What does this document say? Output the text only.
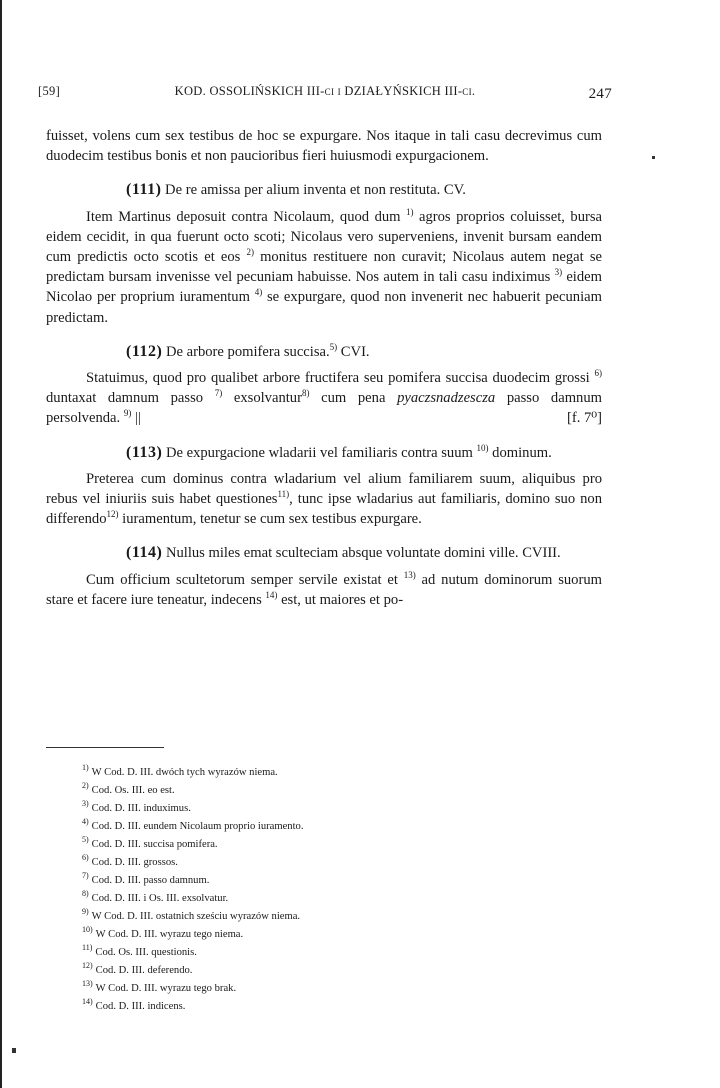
[59]	KOD. OSSOLIŃSKICH III-ci i DZIAŁYŃSKICH III-ci.	247

fuisset, volens cum sex testibus de hoc se expurgare. Nos itaque in tali casu decrevimus cum duodecim testibus bonis et non paucioribus fieri huiusmodi expurgacionem.

(111) De re amissa per alium inventa et non restituta. CV.

Item Martinus deposuit contra Nicolaum, quod dum $^{1)}$ agros proprios coluisset, bursa eidem cecidit, in qua fuerunt octo scoti; Nicolaus vero superveniens, invenit bursam eandem cum predictis octo scotis et eos $^{2)}$ monitus restituere non curavit; Nicolaus autem negat se predictam bursam invenisse vel pecuniam habuisse. Nos autem in tali casu indiximus $^{3)}$ eidem Nicolao per proprium iuramentum $^{4)}$ se expurgare, quod non invenerit nec habuerit pecuniam predictam.

(112) De arbore pomifera succisa.$^{5)}$ CVI.

Statuimus, quod pro qualibet arbore fructifera seu pomifera succisa duodecim grossi $^{6)}$ duntaxat damnum passo $^{7)}$ exsolvantur$^{8)}$ cum pena pyaczsnadzescza passo damnum persolvenda. $^{9)}$ ||	[f. 7⁰]

(113) De expurgacione wladarii vel familiaris contra suum $^{10)}$ dominum.

Preterea cum dominus contra wladarium vel alium familiarem suum, aliquibus pro rebus vel iniuriis suis habet questiones$^{11)}$, tunc ipse wladarius aut familiaris, domino suo non differendo$^{12)}$ iuramentum, tenetur se cum sex testibus expurgare.

(114) Nullus miles emat sculteciam absque voluntate domini ville. CVIII.

Cum officium scultetorum semper servile existat et $^{13)}$ ad nutum dominorum suorum stare et facere iure teneatur, indecens $^{14)}$ est, ut maiores et po-

$^{1)}$ W Cod. D. III. dwóch tych wyrazów niema.
$^{2)}$ Cod. Os. III. eo est.
$^{3)}$ Cod. D. III. induximus.
$^{4)}$ Cod. D. III. eundem Nicolaum proprio iuramento.
$^{5)}$ Cod. D. III. succisa pomifera.
$^{6)}$ Cod. D. III. grossos.
$^{7)}$ Cod. D. III. passo damnum.
$^{8)}$ Cod. D. III. i Os. III. exsolvatur.
$^{9)}$ W Cod. D. III. ostatnich sześciu wyrazów niema.
$^{10)}$ W Cod. D. III. wyrazu tego niema.
$^{11)}$ Cod. Os. III. questionis.
$^{12)}$ Cod. D. III. deferendo.
$^{13)}$ W Cod. D. III. wyrazu tego brak.
$^{14)}$ Cod. D. III. indicens.
